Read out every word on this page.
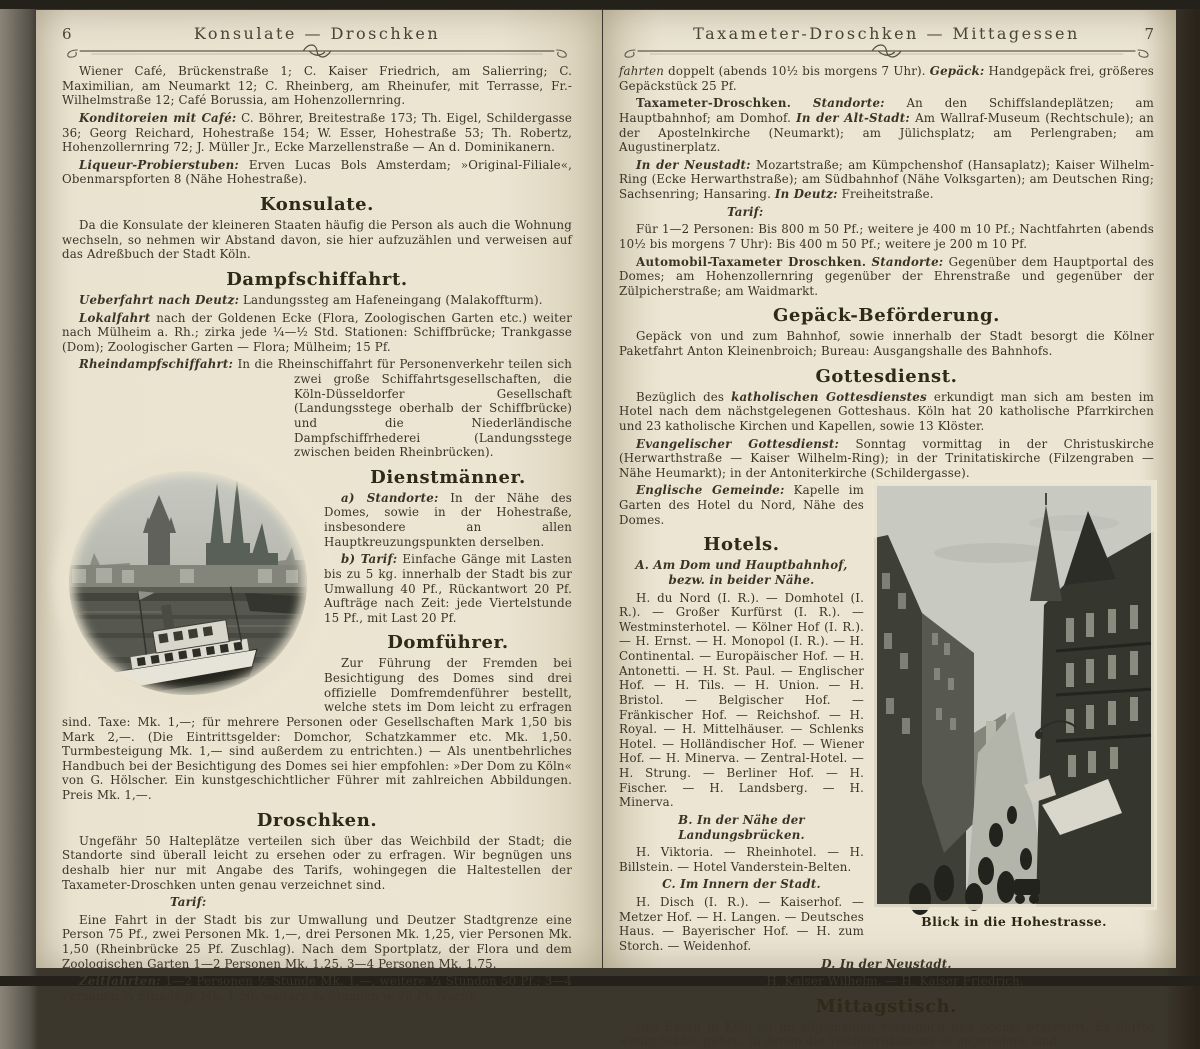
6	Konsulate — Droschken

Wiener Café, Brückenstraße 1; C. Kaiser Friedrich, am Salierring; C. Maximilian, am Neumarkt 12; C. Rheinberg, am Rheinufer, mit Terrasse, Fr.-Wilhelmstraße 12; Café Borussia, am Hohenzollernring.

Konditoreien mit Café: C. Böhrer, Breitestraße 173; Th. Eigel, Schildergasse 36; Georg Reichard, Hohestraße 154; W. Esser, Hohestraße 53; Th. Robertz, Hohenzollernring 72; J. Müller Jr., Ecke Marzellenstraße — An d. Dominikanern.

Liqueur-Probierstuben: Erven Lucas Bols Amsterdam; »Original-Filiale«, Obenmarspforten 8 (Nähe Hohestraße).

Konsulate.

Da die Konsulate der kleineren Staaten häufig die Person als auch die Wohnung wechseln, so nehmen wir Abstand davon, sie hier aufzuzählen und verweisen auf das Adreßbuch der Stadt Köln.

Dampfschiffahrt.

Ueberfahrt nach Deutz: Landungssteg am Hafeneingang (Malakoffturm).

Lokalfahrt nach der Goldenen Ecke (Flora, Zoologischen Garten etc.) weiter nach Mülheim a. Rh.; zirka jede ¼—½ Std. Stationen: Schiffbrücke; Trankgasse (Dom); Zoologischer Garten — Flora; Mülheim; 15 Pf.

Rheindampfschiffahrt: In die Rheinschiffahrt für Personenverkehr teilen sich zwei große Schiffahrtsgesellschaften, die Köln-Düsseldorfer Gesellschaft (Landungsstege oberhalb der Schiffbrücke) und die Niederländische Dampfschiffrhederei (Landungsstege zwischen beiden Rheinbrücken).

Dienstmänner.

a) Standorte: In der Nähe des Domes, sowie in der Hohestraße, insbesondere an allen Hauptkreuzungspunkten derselben.

b) Tarif: Einfache Gänge mit Lasten bis zu 5 kg. innerhalb der Stadt bis zur Umwallung 40 Pf., Rückantwort 20 Pf. Aufträge nach Zeit: jede Viertelstunde 15 Pf., mit Last 20 Pf.

Domführer.

Zur Führung der Fremden bei Besichtigung des Domes sind drei offizielle Domfremdenführer bestellt, welche stets im Dom leicht zu erfragen sind. Taxe: Mk. 1,—; für mehrere Personen oder Gesellschaften Mark 1,50 bis Mark 2,—. (Die Eintrittsgelder: Domchor, Schatzkammer etc. Mk. 1,50. Turmbesteigung Mk. 1,— sind außerdem zu entrichten.) — Als unentbehrliches Handbuch bei der Besichtigung des Domes sei hier empfohlen: »Der Dom zu Köln« von G. Hölscher. Ein kunstgeschichtlicher Führer mit zahlreichen Abbildungen. Preis Mk. 1,—.

Droschken.

Ungefähr 50 Halteplätze verteilen sich über das Weichbild der Stadt; die Standorte sind überall leicht zu ersehen oder zu erfragen. Wir begnügen uns deshalb hier nur mit Angabe des Tarifs, wohingegen die Haltestellen der Taxameter-Droschken unten genau verzeichnet sind.

Tarif:

Eine Fahrt in der Stadt bis zur Umwallung und Deutzer Stadtgrenze eine Person 75 Pf., zwei Personen Mk. 1,—, drei Personen Mk. 1,25, vier Personen Mk. 1,50 (Rheinbrücke 25 Pf. Zuschlag). Nach dem Sportplatz, der Flora und dem Zoologischen Garten 1—2 Personen Mk. 1,25, 3—4 Personen Mk. 1,75.

Zeitfahrten: 1—2 Personen ½ Stunde Mk. 1,—, weitere ¼ Stunden 50 Pf.; 3—4 Personen ½ Stunde je Mk. 1,50, weitere ¼ Stunden je 75 Pf. Nacht-

Taxameter-Droschken — Mittagessen	7

fahrten doppelt (abends 10½ bis morgens 7 Uhr). Gepäck: Handgepäck frei, größeres Gepäckstück 25 Pf.

Taxameter-Droschken. Standorte: An den Schiffslandeplätzen; am Hauptbahnhof; am Domhof. In der Alt-Stadt: Am Wallraf-Museum (Rechtschule); an der Apostelnkirche (Neumarkt); am Jülichsplatz; am Perlengraben; am Augustinerplatz.

In der Neustadt: Mozartstraße; am Kümpchenshof (Hansaplatz); Kaiser Wilhelm-Ring (Ecke Herwarthstraße); am Südbahnhof (Nähe Volksgarten); am Deutschen Ring; Sachsenring; Hansaring. In Deutz: Freiheitstraße.

Tarif:

Für 1—2 Personen: Bis 800 m 50 Pf.; weitere je 400 m 10 Pf.; Nachtfahrten (abends 10½ bis morgens 7 Uhr): Bis 400 m 50 Pf.; weitere je 200 m 10 Pf.

Automobil-Taxameter Droschken. Standorte: Gegenüber dem Hauptportal des Domes; am Hohenzollernring gegenüber der Ehrenstraße und gegenüber der Zülpicherstraße; am Waidmarkt.

Gepäck-Beförderung.

Gepäck von und zum Bahnhof, sowie innerhalb der Stadt besorgt die Kölner Paketfahrt Anton Kleinenbroich; Bureau: Ausgangshalle des Bahnhofs.

Gottesdienst.

Bezüglich des katholischen Gottesdienstes erkundigt man sich am besten im Hotel nach dem nächstgelegenen Gotteshaus. Köln hat 20 katholische Pfarrkirchen und 23 katholische Kirchen und Kapellen, sowie 13 Klöster.

Evangelischer Gottesdienst: Sonntag vormittag in der Christuskirche (Herwarthstraße — Kaiser Wilhelm-Ring); in der Trinitatiskirche (Filzengraben — Nähe Heumarkt); in der Antoniterkirche (Schildergasse).

Blick in die Hohestrasse.

Englische Gemeinde: Kapelle im Garten des Hotel du Nord, Nähe des Domes.

Hotels.

A. Am Dom und Hauptbahnhof, bezw. in beider Nähe.

H. du Nord (I. R.). — Domhotel (I. R.). — Großer Kurfürst (I. R.). — Westminsterhotel. — Kölner Hof (I. R.). — H. Ernst. — H. Monopol (I. R.). — H. Continental. — Europäischer Hof. — H. Antonetti. — H. St. Paul. — Englischer Hof. — H. Tils. — H. Union. — H. Bristol. — Belgischer Hof. — Fränkischer Hof. — Reichshof. — H. Royal. — H. Mittelhäuser. — Schlenks Hotel. — Holländischer Hof. — Wiener Hof. — H. Minerva. — Zentral-Hotel. — H. Strung. — Berliner Hof. — H. Fischer. — H. Landsberg. — H. Minerva.

B. In der Nähe der Landungsbrücken.

H. Viktoria. — Rheinhotel. — H. Billstein. — Hotel Vanderstein-Belten.

C. Im Innern der Stadt.

H. Disch (I. R.). — Kaiserhof. — Metzer Hof. — H. Langen. — Deutsches Haus. — Bayerischer Hof. — H. zum Storch. — Weidenhof.

D. In der Neustadt.

H. Kaiser Wilhelm. — H. Kaiser Friedrich.

Mittagstisch.

Das Essen in Köln ist im allgemeinen vorzüglich und höchst preiswert. Es dürfte wenig Städte geben, in denen die Tischverhältnisse so angenehme sind.
